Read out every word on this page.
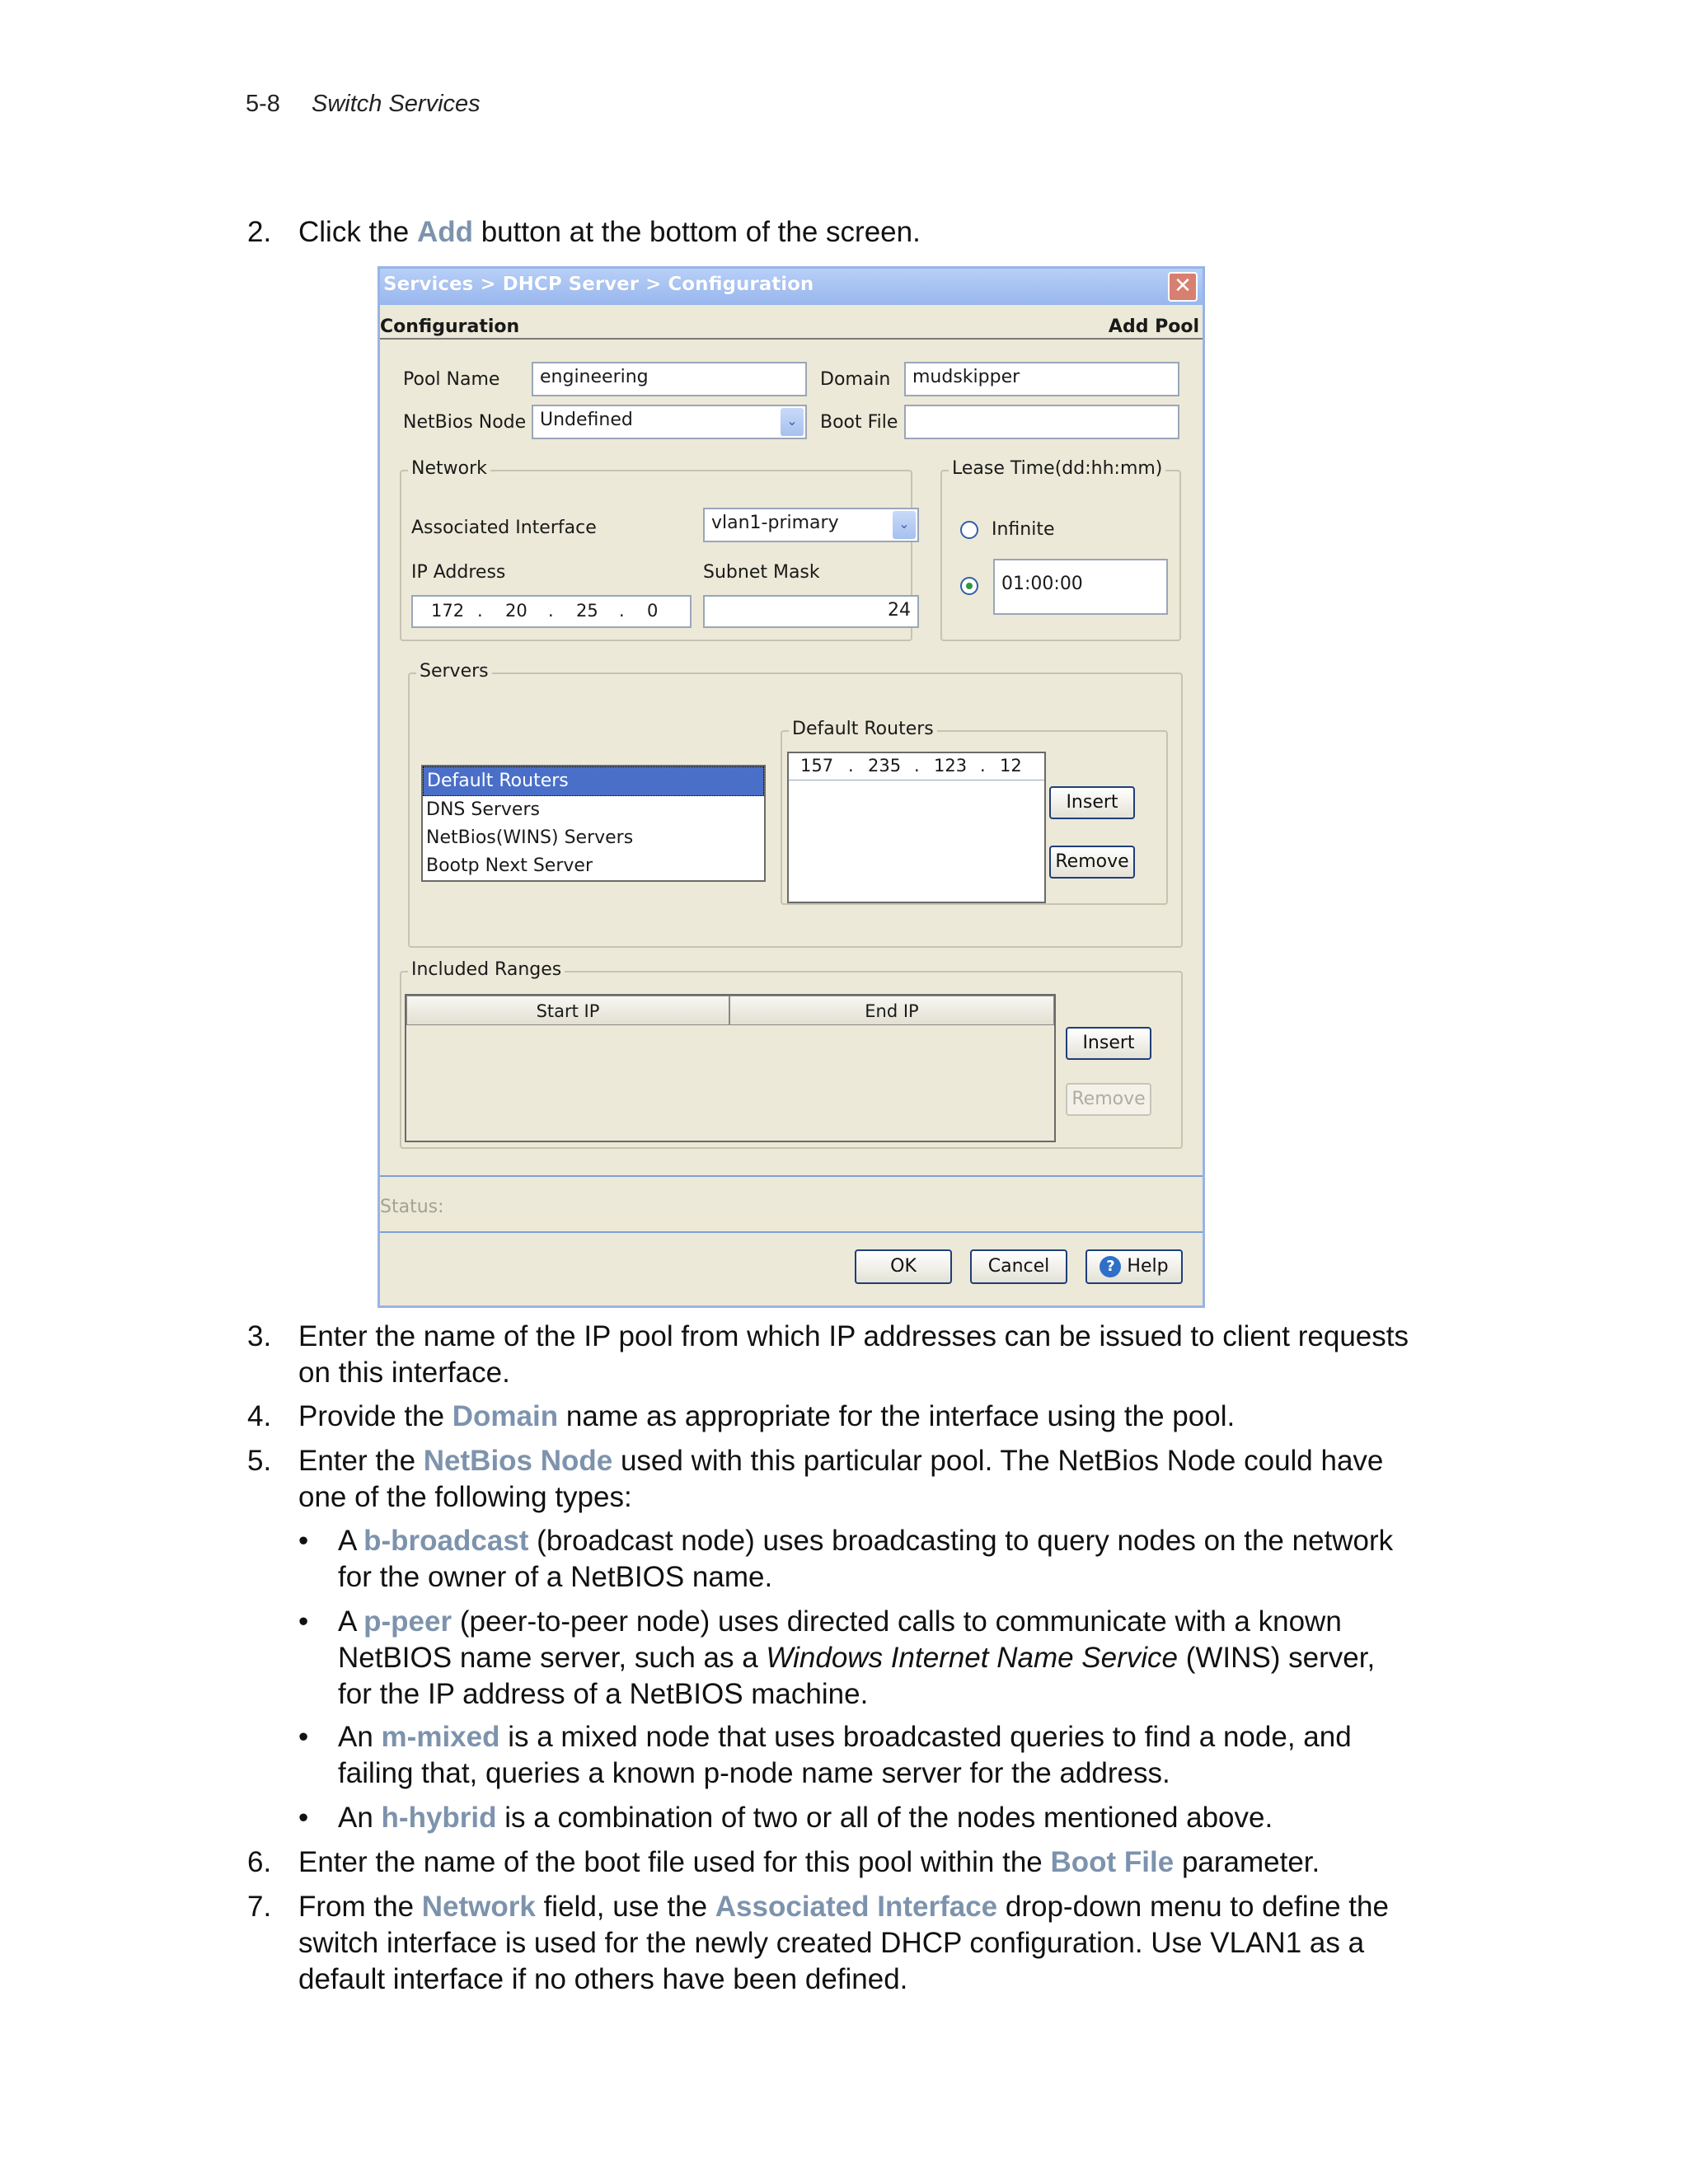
5-8 Switch Services
2. Click the Add button at the bottom of the screen.
Services > DHCP Server > Configuration	✕
Configuration	Add Pool
Pool Name	engineering	Domain	mudskipper
NetBios Node Undefined	⌄	Boot File
Network
Associated Interface	vlan1-primary	⌄
IP Address	Subnet Mask
172 . 20 . 25 . 0	24
Lease Time(dd:hh:mm)
Infinite
01:00:00
Servers
Default Routers
DNS Servers
NetBios(WINS) Servers
Bootp Next Server
Default Routers
157 . 235 . 123 . 12
Insert
Remove
Included Ranges
Start IP	End IP
Insert
Remove
Status:
OK	Cancel	? Help
3. Enter the name of the IP pool from which IP addresses can be issued to client requests on this interface.
4. Provide the Domain name as appropriate for the interface using the pool.
5. Enter the NetBios Node used with this particular pool. The NetBios Node could have one of the following types:
• A b-broadcast (broadcast node) uses broadcasting to query nodes on the network for the owner of a NetBIOS name.
• A p-peer (peer-to-peer node) uses directed calls to communicate with a known NetBIOS name server, such as a Windows Internet Name Service (WINS) server, for the IP address of a NetBIOS machine.
• An m-mixed is a mixed node that uses broadcasted queries to find a node, and failing that, queries a known p-node name server for the address.
• An h-hybrid is a combination of two or all of the nodes mentioned above.
6. Enter the name of the boot file used for this pool within the Boot File parameter.
7. From the Network field, use the Associated Interface drop-down menu to define the switch interface is used for the newly created DHCP configuration. Use VLAN1 as a default interface if no others have been defined.
